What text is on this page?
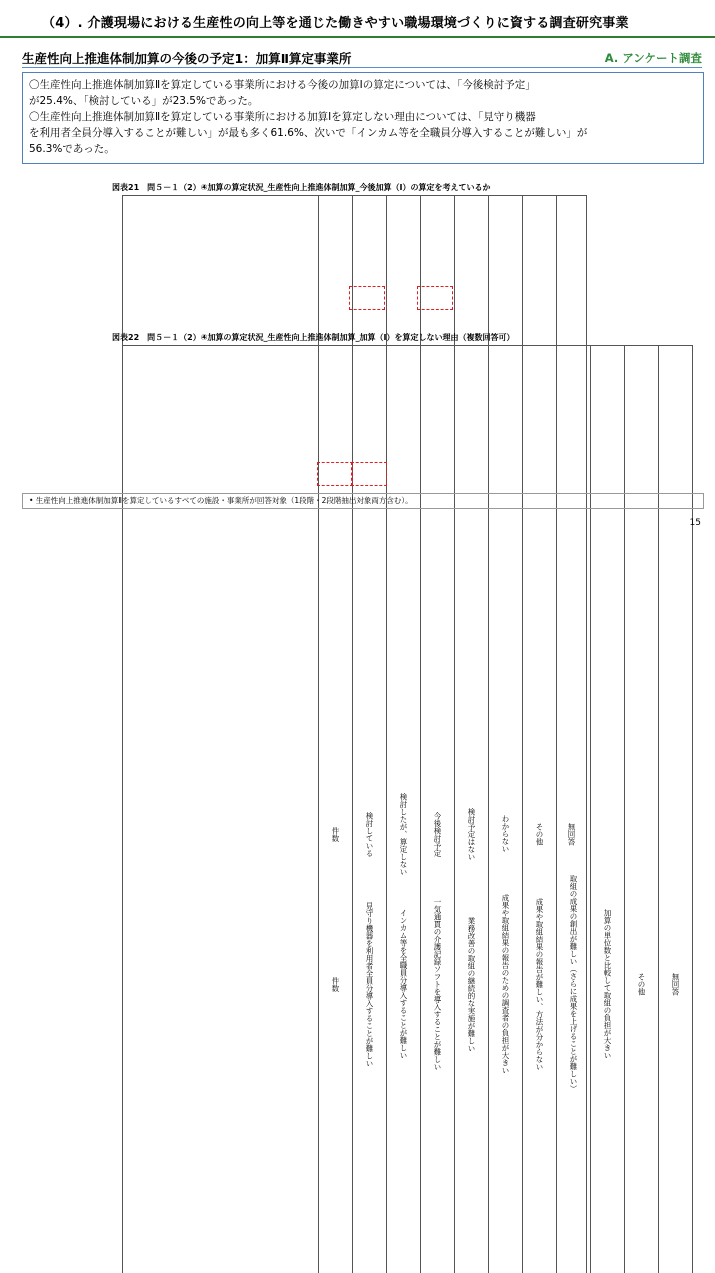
（4）. 介護現場における生産性の向上等を通じた働きやすい職場環境づくりに資する調査研究事業
生産性向上推進体制加算の今後の予定1：加算Ⅱ算定事業所	A. アンケート調査

〇生産性向上推進体制加算Ⅱを算定している事業所における今後の加算Ⅰの算定については、「今後検討予定」

が25.4%、「検討している」が23.5%であった。

〇生産性向上推進体制加算Ⅱを算定している事業所における加算Ⅰを算定しない理由については、「見守り機器

を利用者全員分導入することが難しい」が最も多く61.6%、次いで「インカム等を全職員分導入することが難しい」が

56.3%であった。

図表21　問５－１（2）④加算の算定状況_生産性向上推進体制加算_今後加算（Ⅰ）の算定を考えているか

		件数	検討している	検討したが、算定しない	今後検討予定	検討予定はない	わからない	その他	無回答

図表22　問５－１（2）④加算の算定状況_生産性向上推進体制加算_加算（Ⅰ）を算定しない理由（複数回答可）

		件数	見守り機器を利用者全員分導入することが難しい	インカム等を全職員分導入することが難しい	一気通貫の介護記録ソフトを導入することが難しい	業務改善の取組の継続的な実施が難しい	成果や取組結果の報告のための調査者の負担が大きい	成果や取組結果の報告が難しい、方法が分からない	取組の成果の創出が難しい（さらに成果を上げることが難しい）	加算の単位数と比較して取組の負担が大きい	その他	無回答

• 生産性向上推進体制加算Ⅱを算定しているすべての施設・事業所が回答対象（1段階・2段階抽出対象両方含む）。
15
